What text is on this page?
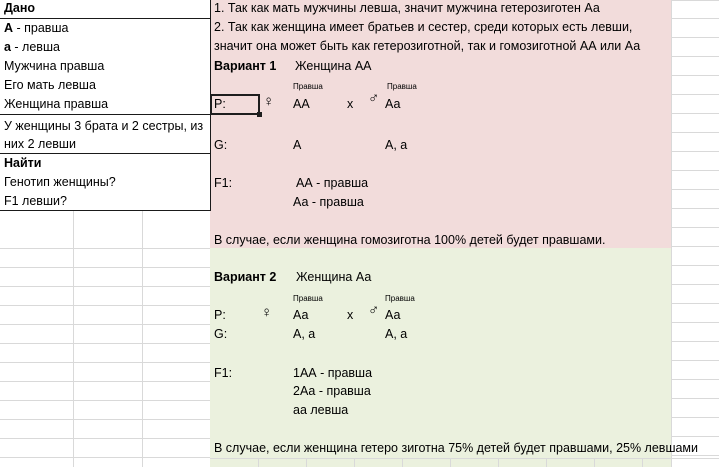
Дано
А - правша
а - левша
Мужчина правша
Его мать левша
Женщина правша
У женщины 3 брата и 2 сестры, из
них 2 левши
Найти
Генотип женщины?
F1 левши?
1. Так как мать мужчины левша, значит мужчина гетерозиготен Аа
2. Так как женщина имеет братьев и сестер, среди которых есть левши,
значит она может быть как гетерозиготной, так и гомозиготной АА или Аа
Вариант 1 Женщина АА
Правша	Правша
P: ♀ АА	x ♂ Аа
G:	А	А, а
F1:	АА - правша
Аа - правша
В случае, если женщина гомозиготна 100% детей будет правшами.
Вариант 2 Женщина Аа
Правша	Правша
P: ♀ Аа	x ♂ Аа
G:	А, а	А, а
F1:	1АА - правша
2Аа - правша
аа левша
В случае, если женщина гетеро зиготна 75% детей будет правшами, 25% левшами
